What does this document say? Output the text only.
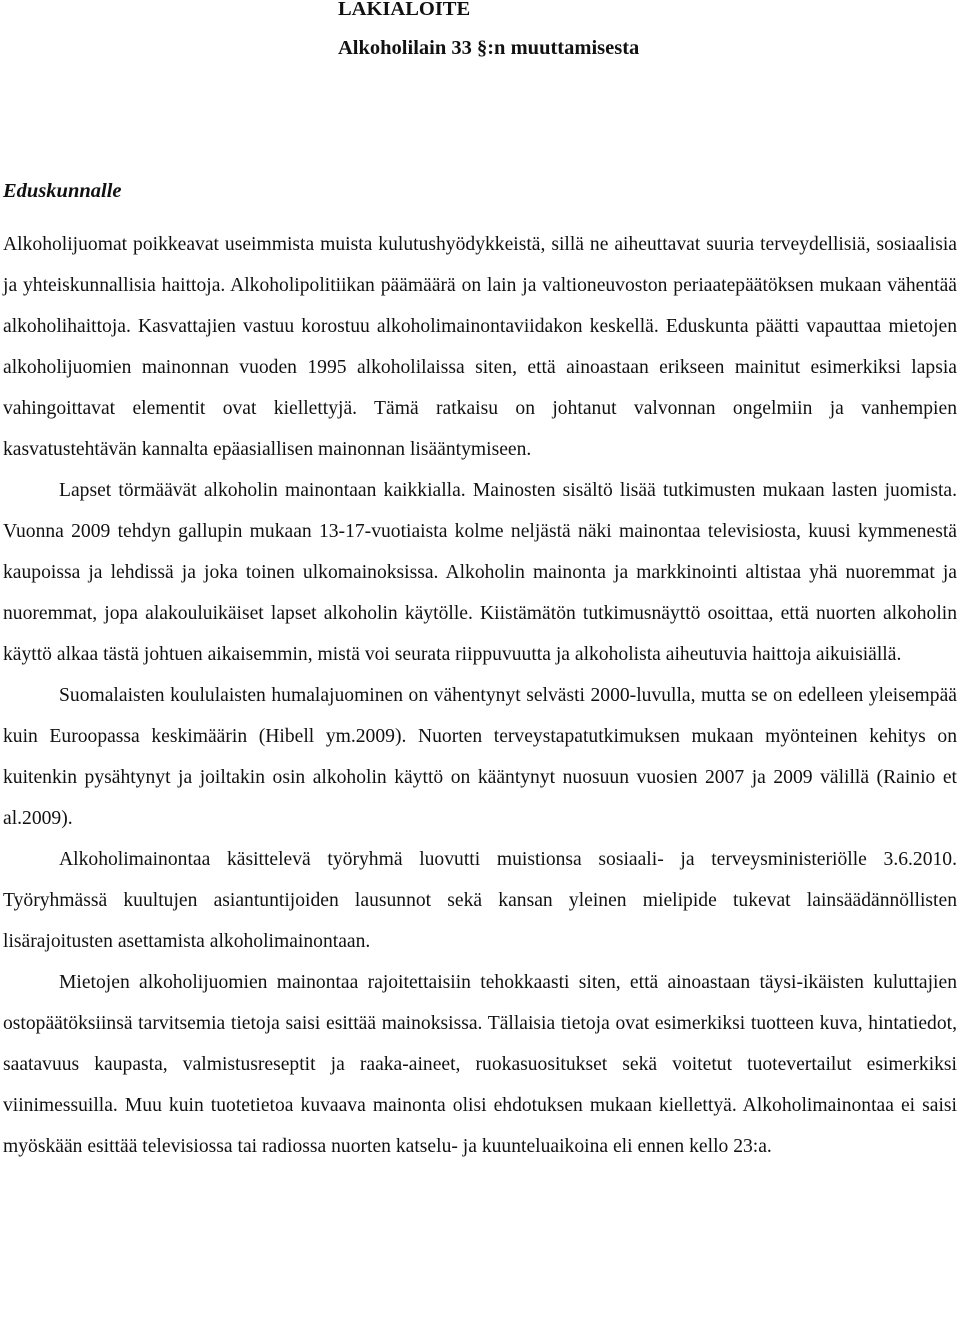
LAKIALOITE
Alkoholilain 33 §:n muuttamisesta
Eduskunnalle

Alkoholijuomat poikkeavat useimmista muista kulutushyödykkeistä, sillä ne aiheuttavat suuria terveydellisiä, sosiaalisia ja yhteiskunnallisia haittoja. Alkoholipolitiikan päämäärä on lain ja valtioneuvoston periaatepäätöksen mukaan vähentää alkoholihaittoja. Kasvattajien vastuu korostuu alkoholimainontaviidakon keskellä. Eduskunta päätti vapauttaa mietojen alkoholijuomien mainonnan vuoden 1995 alkoholilaissa siten, että ainoastaan erikseen mainitut esimerkiksi lapsia vahingoittavat elementit ovat kiellettyjä. Tämä ratkaisu on johtanut valvonnan ongelmiin ja vanhempien kasvatustehtävän kannalta epäasiallisen mainonnan lisääntymiseen.

Lapset törmäävät alkoholin mainontaan kaikkialla. Mainosten sisältö lisää tutkimusten mukaan lasten juomista. Vuonna 2009 tehdyn gallupin mukaan 13-17-vuotiaista kolme neljästä näki mainontaa televisiosta, kuusi kymmenestä kaupoissa ja lehdissä ja joka toinen ulkomainoksissa. Alkoholin mainonta ja markkinointi altistaa yhä nuoremmat ja nuoremmat, jopa alakouluikäiset lapset alkoholin käytölle. Kiistämätön tutkimusnäyttö osoittaa, että nuorten alkoholin käyttö alkaa tästä johtuen aikaisemmin, mistä voi seurata riippuvuutta ja alkoholista aiheutuvia haittoja aikuisiällä.

Suomalaisten koululaisten humalajuominen on vähentynyt selvästi 2000-luvulla, mutta se on edelleen yleisempää kuin Euroopassa keskimäärin (Hibell ym.2009). Nuorten terveystapatutkimuksen mukaan myönteinen kehitys on kuitenkin pysähtynyt ja joiltakin osin alkoholin käyttö on kääntynyt nuosuun vuosien 2007 ja 2009 välillä (Rainio et al.2009).

Alkoholimainontaa käsittelevä työryhmä luovutti muistionsa sosiaali- ja terveysministeriölle 3.6.2010. Työryhmässä kuultujen asiantuntijoiden lausunnot sekä kansan yleinen mielipide tukevat lainsäädännöllisten lisärajoitusten asettamista alkoholimainontaan.

Mietojen alkoholijuomien mainontaa rajoitettaisiin tehokkaasti siten, että ainoastaan täysi-ikäisten kuluttajien ostopäätöksiinsä tarvitsemia tietoja saisi esittää mainoksissa. Tällaisia tietoja ovat esimerkiksi tuotteen kuva, hintatiedot, saatavuus kaupasta, valmistusreseptit ja raaka-aineet, ruokasuositukset sekä voitetut tuotevertailut esimerkiksi viinimessuilla. Muu kuin tuotetietoa kuvaava mainonta olisi ehdotuksen mukaan kiellettyä. Alkoholimainontaa ei saisi myöskään esittää televisiossa tai radiossa nuorten katselu- ja kuunteluaikoina eli ennen kello 23:a.
